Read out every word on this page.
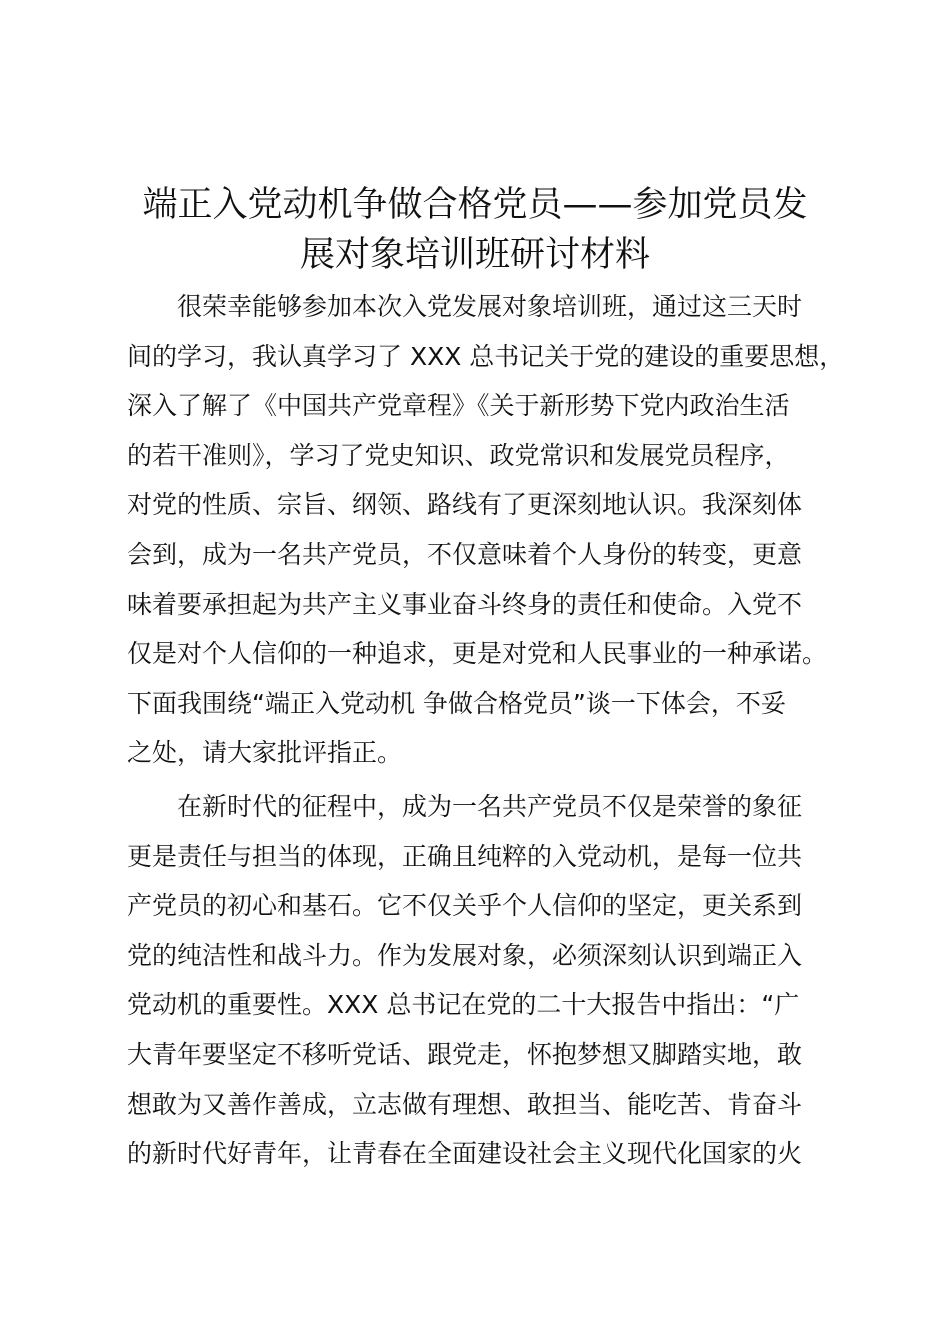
端正入党动机争做合格党员——参加党员发
展对象培训班研讨材料
很荣幸能够参加本次入党发展对象培训班，通过这三天时
间的学习，我认真学习了 XXX 总书记关于党的建设的重要思想，
深入了解了《中国共产党章程》《关于新形势下党内政治生活
的若干准则》，学习了党史知识、政党常识和发展党员程序，
对党的性质、宗旨、纲领、路线有了更深刻地认识。我深刻体
会到，成为一名共产党员，不仅意味着个人身份的转变，更意
味着要承担起为共产主义事业奋斗终身的责任和使命。入党不
仅是对个人信仰的一种追求，更是对党和人民事业的一种承诺。
下面我围绕“端正入党动机 争做合格党员”谈一下体会，不妥
之处，请大家批评指正。
在新时代的征程中，成为一名共产党员不仅是荣誉的象征
更是责任与担当的体现，正确且纯粹的入党动机，是每一位共
产党员的初心和基石。它不仅关乎个人信仰的坚定，更关系到
党的纯洁性和战斗力。作为发展对象，必须深刻认识到端正入
党动机的重要性。XXX 总书记在党的二十大报告中指出：“广
大青年要坚定不移听党话、跟党走，怀抱梦想又脚踏实地，敢
想敢为又善作善成，立志做有理想、敢担当、能吃苦、肯奋斗
的新时代好青年，让青春在全面建设社会主义现代化国家的火
